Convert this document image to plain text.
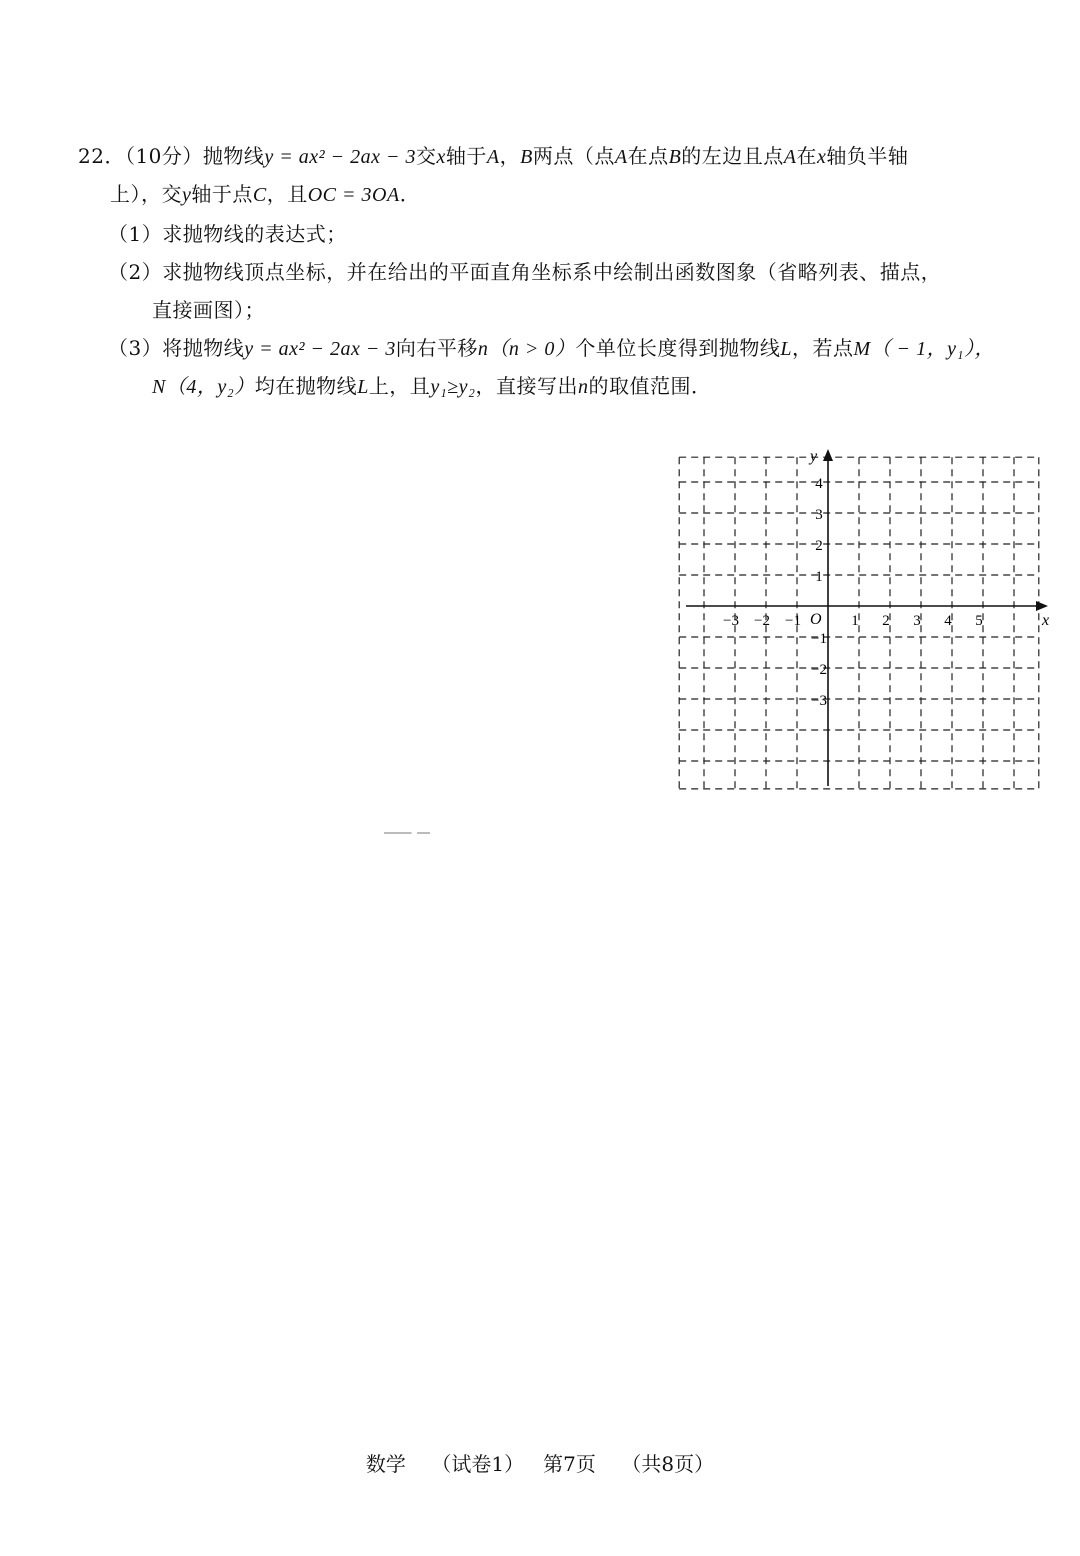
22．（10分）抛物线y = ax² − 2ax − 3交x轴于A，B两点（点A在点B的左边且点A在x轴负半轴
上），交y轴于点C，且OC = 3OA．
（1）求抛物线的表达式；
（2）求抛物线顶点坐标，并在给出的平面直角坐标系中绘制出函数图象（省略列表、描点，
直接画图）；
（3）将抛物线y = ax² − 2ax − 3向右平移n（n > 0）个单位长度得到抛物线L，若点M（ − 1，y₁），
N（4，y₂）均在抛物线L上，且y₁≥y₂，直接写出n的取值范围．
x
y
O
−3 −2 −1	1 2 3 4 5
4
3
2
1
−1
−2
−3
数学 （试卷1） 第7页 （共8页）
